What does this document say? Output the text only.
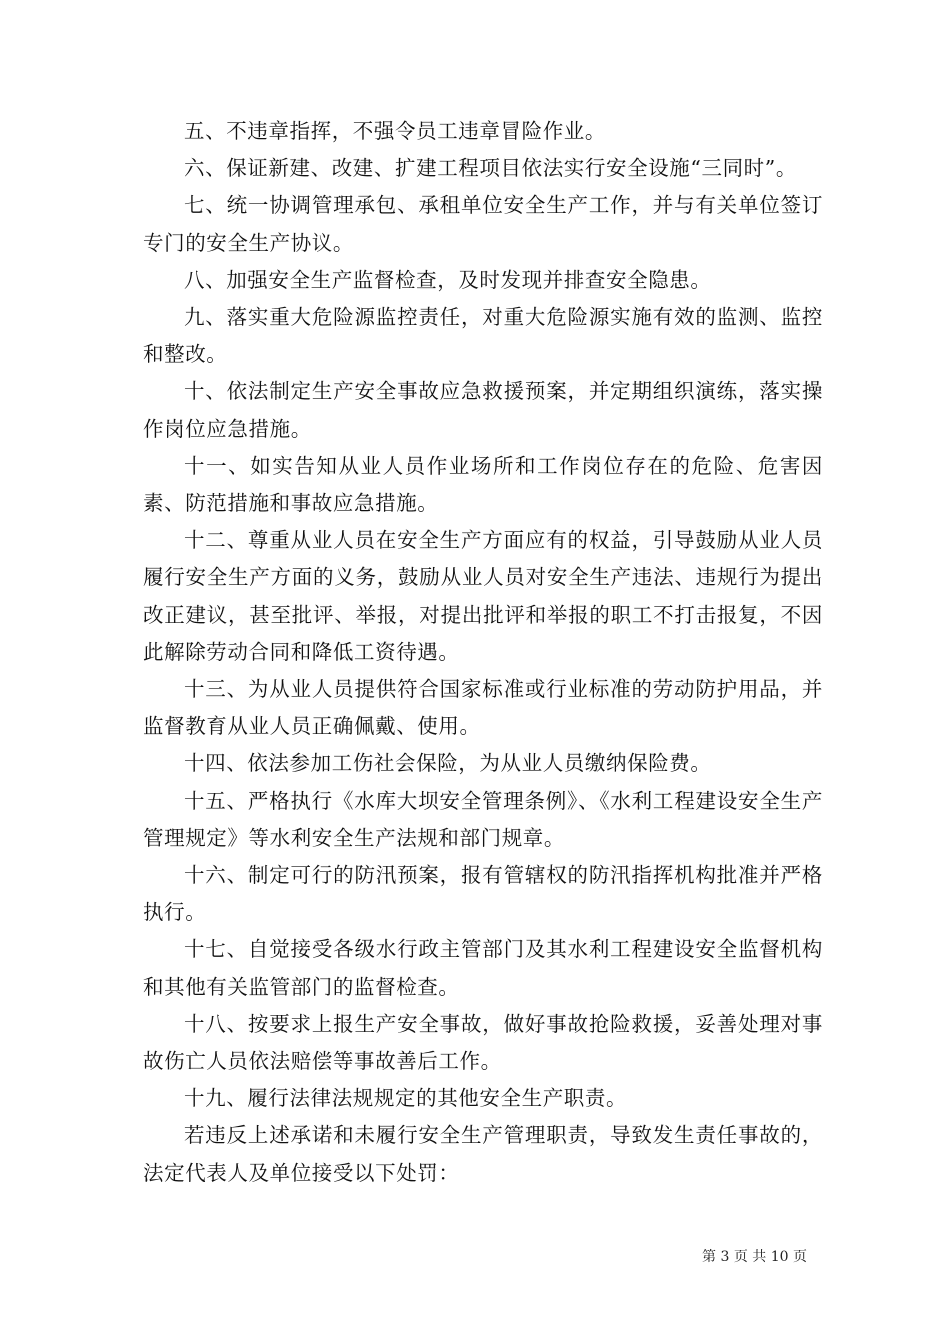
五、不违章指挥，不强令员工违章冒险作业。

六、保证新建、改建、扩建工程项目依法实行安全设施“三同时”。

七、统一协调管理承包、承租单位安全生产工作，并与有关单位签订专门的安全生产协议。

八、加强安全生产监督检查，及时发现并排查安全隐患。

九、落实重大危险源监控责任，对重大危险源实施有效的监测、监控和整改。

十、依法制定生产安全事故应急救援预案，并定期组织演练，落实操作岗位应急措施。

十一、如实告知从业人员作业场所和工作岗位存在的危险、危害因素、防范措施和事故应急措施。

十二、尊重从业人员在安全生产方面应有的权益，引导鼓励从业人员履行安全生产方面的义务，鼓励从业人员对安全生产违法、违规行为提出改正建议，甚至批评、举报，对提出批评和举报的职工不打击报复，不因此解除劳动合同和降低工资待遇。

十三、为从业人员提供符合国家标准或行业标准的劳动防护用品，并监督教育从业人员正确佩戴、使用。

十四、依法参加工伤社会保险，为从业人员缴纳保险费。

十五、严格执行《水库大坝安全管理条例》、《水利工程建设安全生产管理规定》等水利安全生产法规和部门规章。

十六、制定可行的防汛预案，报有管辖权的防汛指挥机构批准并严格执行。

十七、自觉接受各级水行政主管部门及其水利工程建设安全监督机构和其他有关监管部门的监督检查。

十八、按要求上报生产安全事故，做好事故抢险救援，妥善处理对事故伤亡人员依法赔偿等事故善后工作。

十九、履行法律法规规定的其他安全生产职责。

若违反上述承诺和未履行安全生产管理职责，导致发生责任事故的，法定代表人及单位接受以下处罚：

第 3 页 共 10 页
